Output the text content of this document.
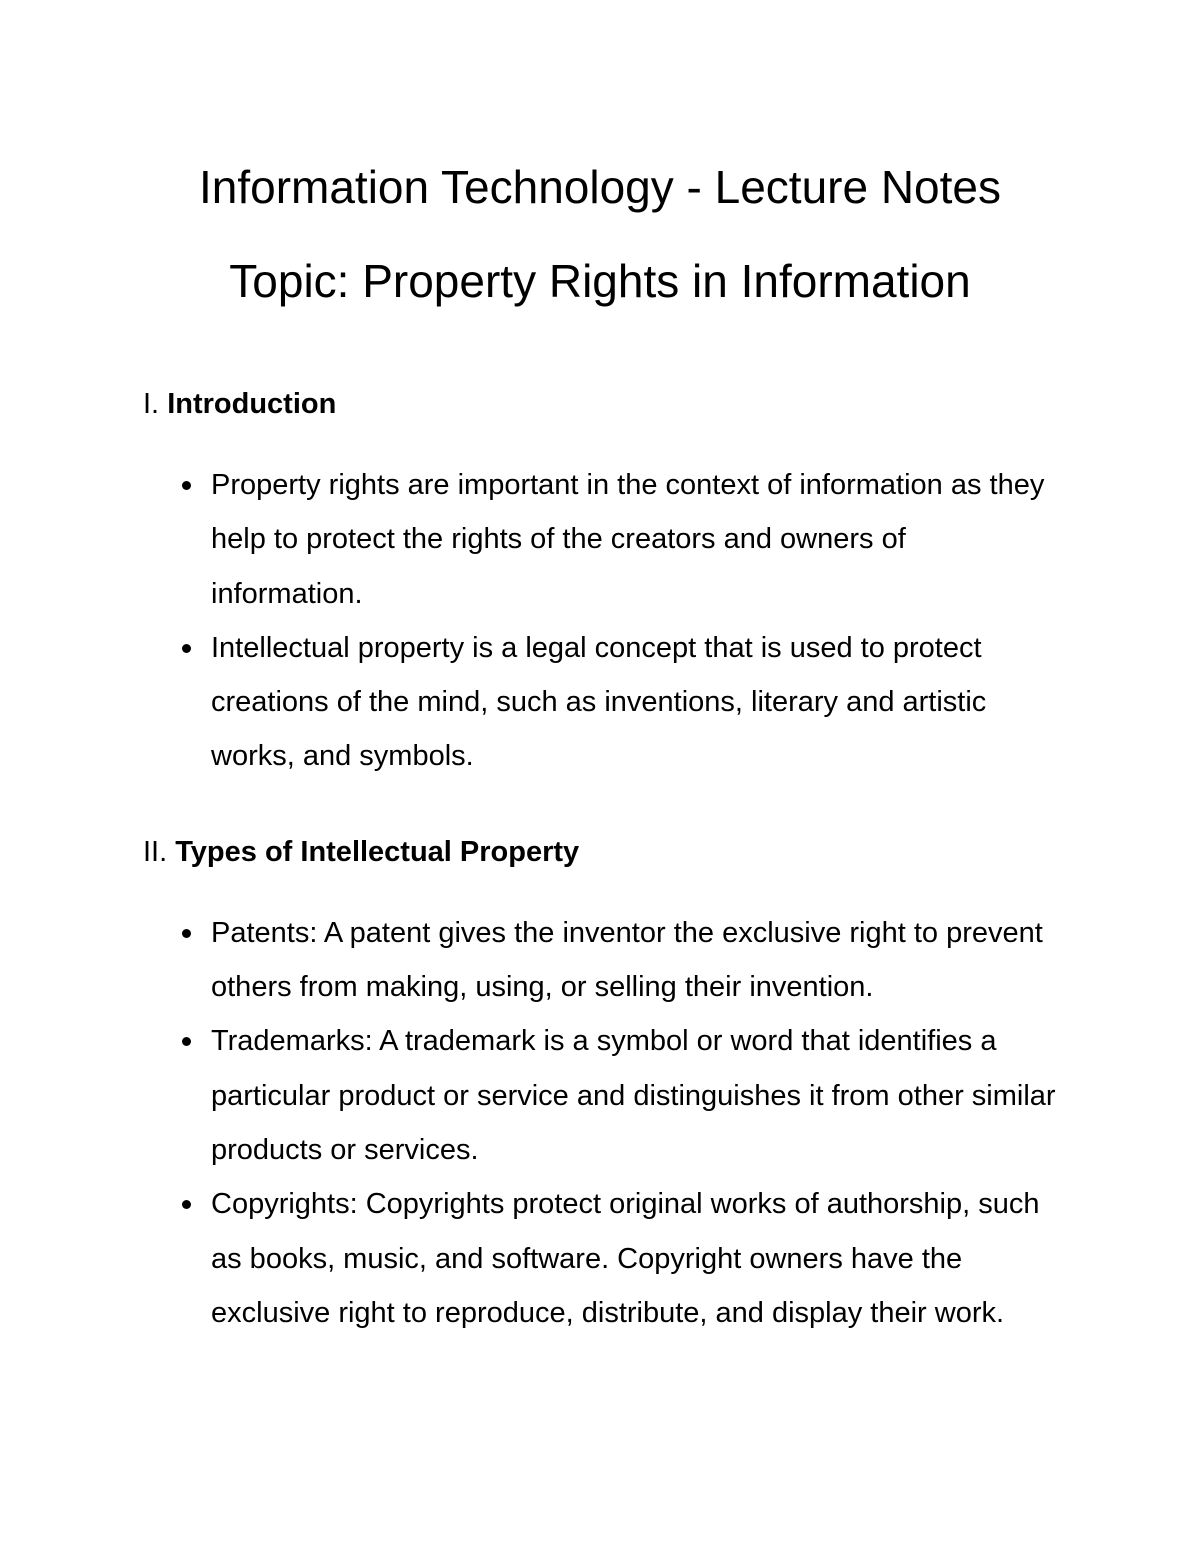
Information Technology - Lecture Notes
Topic: Property Rights in Information
I. Introduction
Property rights are important in the context of information as they help to protect the rights of the creators and owners of information.
Intellectual property is a legal concept that is used to protect creations of the mind, such as inventions, literary and artistic works, and symbols.
II. Types of Intellectual Property
Patents: A patent gives the inventor the exclusive right to prevent others from making, using, or selling their invention.
Trademarks: A trademark is a symbol or word that identifies a particular product or service and distinguishes it from other similar products or services.
Copyrights: Copyrights protect original works of authorship, such as books, music, and software. Copyright owners have the exclusive right to reproduce, distribute, and display their work.
